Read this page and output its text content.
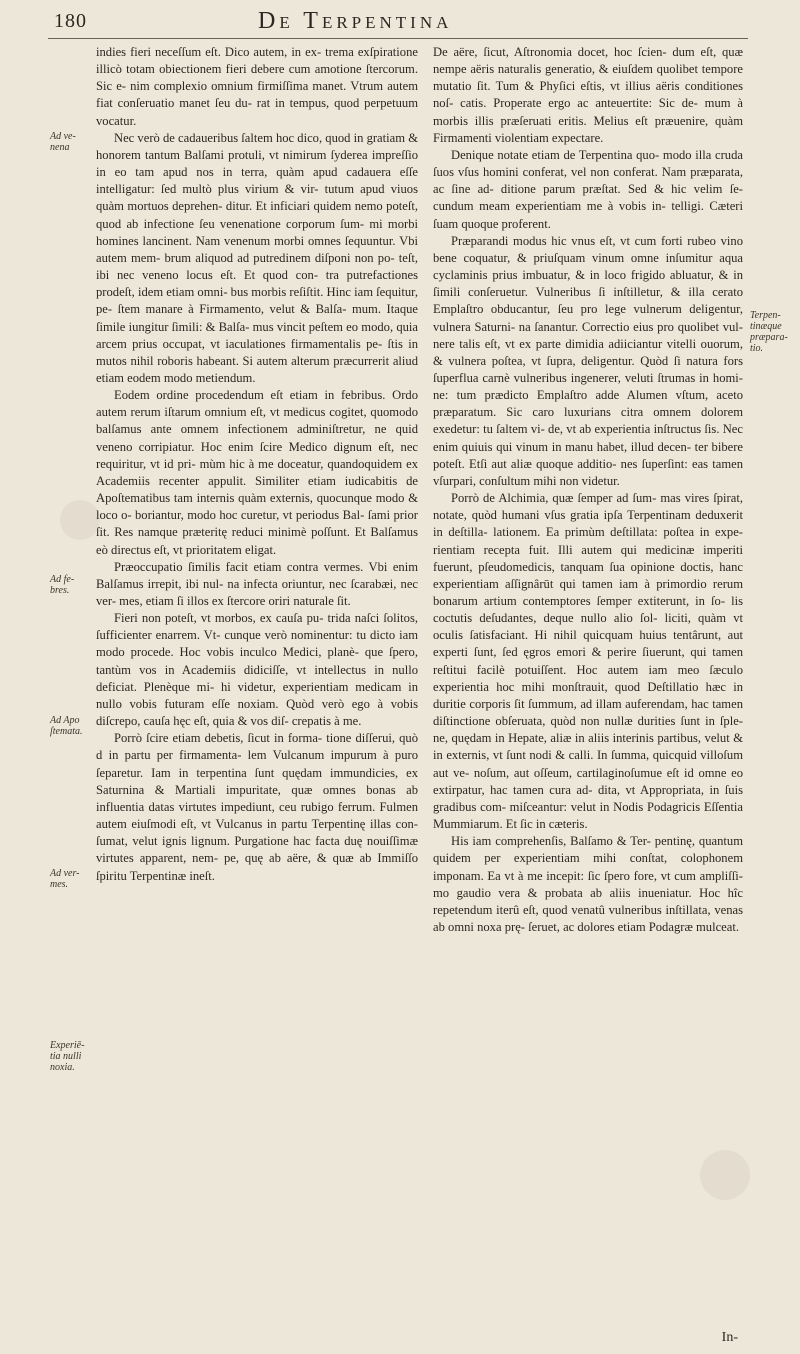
180	De Terpentina

indies fieri neceſſum eſt. Dico autem, in ex- trema exſpiratione illicò totam obiectionem fieri debere cum amotione ſtercorum. Sic e- nim complexio omnium firmiſſima manet. Vtrum autem fiat conſeruatio manet ſeu du- rat in tempus, quod perpetuum vocatur.

Nec verò de cadaueribus ſaltem hoc dico, quod in gratiam & honorem tantum Balſami protuli, vt nimirum ſyderea impreſſio in eo tam apud nos in terra, quàm apud cadauera eſſe intelligatur: ſed multò plus virium & vir- tutum apud viuos quàm mortuos deprehen- ditur. Et inficiari quidem nemo poteſt, quod ab infectione ſeu venenatione corporum ſum- mi morbi homines lancinent. Nam venenum morbi omnes ſequuntur. Vbi autem mem- brum aliquod ad putredinem diſponi non po- teſt, ibi nec veneno locus eſt. Et quod con- tra putrefactiones prodeſt, idem etiam omni- bus morbis reſiſtit. Hinc iam ſequitur, pe- ſtem manare à Firmamento, velut & Balſa- mum. Itaque ſimile iungitur ſimili: & Balſa- mus vincit peſtem eo modo, quia arcem prius occupat, vt iaculationes firmamentalis pe- ſtis in mutos nihil roboris habeant. Si autem alterum præcurrerit aliud etiam eodem modo metiendum.

Eodem ordine procedendum eſt etiam in febribus. Ordo autem rerum iſtarum omnium eſt, vt medicus cogitet, quomodo balſamus ante omnem infectionem adminiſtretur, ne quid veneno corripiatur. Hoc enim ſcire Medico dignum eſt, nec requiritur, vt id pri- mùm hic à me doceatur, quandoquidem ex Academiis recenter appulit. Similiter etiam iudicabitis de Apoſtematibus tam internis quàm externis, quocunque modo & loco o- boriantur, modo hoc curetur, vt periodus Bal- ſami prior ſit. Res namque præteritę reduci minimè poſſunt. Et Balſamus eò directus eſt, vt prioritatem eligat.

Præoccupatio ſimilis facit etiam contra vermes. Vbi enim Balſamus irrepit, ibi nul- na infecta oriuntur, nec ſcarabæi, nec ver- mes, etiam ſi illos ex ſtercore oriri naturale ſit.

Fieri non poteſt, vt morbos, ex cauſa pu- trida naſci ſolitos, ſufficienter enarrem. Vt- cunque verò nominentur: tu dicto iam modo procede. Hoc vobis inculco Medici, planè- que ſpero, tantùm vos in Academiis didiciſſe, vt intellectus in nullo deficiat. Plenèque mi- hi videtur, experientiam medicam in nullo vobis futuram eſſe noxiam. Quòd verò ego à vobis diſcrepo, cauſa hęc eſt, quia & vos diſ- crepatis à me.

Porrò ſcire etiam debetis, ſicut in forma- tione diſſerui, quò d in partu per firmamenta- lem Vulcanum impurum à puro ſeparetur. Iam in terpentina ſunt quędam immundicies, ex Saturnina & Martiali impuritate, quæ omnes bonas ab influentia datas virtutes impediunt, ceu rubigo ferrum. Fulmen autem eiuſmodi eſt, vt Vulcanus in partu Terpentinę illas con- ſumat, velut ignis lignum. Purgatione hac facta duę nouiſſimæ virtutes apparent, nem- pe, quę ab aëre, & quæ ab Immiſſo ſpiritu Terpentinæ ineſt.

De aëre, ſicut, Aſtronomia docet, hoc ſcien- dum eſt, quæ nempe aëris naturalis generatio, & eiuſdem quolibet tempore mutatio ſit. Tum & Phyſici eſtis, vt illius aëris conditiones noſ- catis. Properate ergo ac anteuertite: Sic de- mum à morbis illis præſeruati eritis. Melius eſt præuenire, quàm Firmamenti violentiam expectare.

Denique notate etiam de Terpentina quo- modo illa cruda ſuos vſus homini conferat, vel non conferat. Nam præparata, ac ſine ad- ditione parum præſtat. Sed & hic velim ſe- cundum meam experientiam me à vobis in- telligi. Cæteri ſuam quoque proferent.

Præparandi modus hic vnus eſt, vt cum forti rubeo vino bene coquatur, & priuſquam vinum omne inſumitur aqua cyclaminis prius imbuatur, & in loco frigido abluatur, & in ſimili conſeruetur. Vulneribus ſi inſtilletur, & illa cerato Emplaſtro obducantur, ſeu pro lege vulnerum deligentur, vulnera Saturni- na ſanantur. Correctio eius pro quolibet vul- nere talis eſt, vt ex parte dimidia adiiciantur vitelli ouorum, & vulnera poſtea, vt ſupra, deligentur. Quòd ſi natura fors ſuperflua carnè vulneribus ingenerer, veluti ſtrumas in homi- ne: tum prædicto Emplaſtro adde Alumen vſtum, aceto præparatum. Sic caro luxurians citra omnem dolorem exedetur: tu ſaltem vi- de, vt ab experientia inſtructus ſis. Nec enim quiuis qui vinum in manu habet, illud decen- ter bibere poteſt. Etſi aut aliæ quoque additio- nes ſuperſint: eas tamen vſurpari, conſultum mihi non videtur.

Porrò de Alchimia, quæ ſemper ad ſum- mas vires ſpirat, notate, quòd humani vſus gratia ipſa Terpentinam deduxerit in deſtilla- lationem. Ea primùm deſtillata: poſtea in expe- rientiam recepta fuit. Illi autem qui medicinæ imperiti fuerunt, pſeudomedicis, tanquam ſua opinione doctis, hanc experientiam aſſignârūt qui tamen iam à primordio rerum bonarum artium contemptores ſemper extiterunt, in ſo- lis coctutis deſudantes, deque nullo alio ſol- liciti, quàm vt oculis ſatisfaciant. Hi nihil quicquam huius tentârunt, aut experti ſunt, ſed ęgros emori & perire ſiuerunt, qui tamen reſtitui facilè potuiſſent. Hoc autem iam meo ſæculo experientia hoc mihi monſtrauit, quod Deſtillatio hæc in duritie corporis ſit ſummum, ad illam auferendam, hac tamen diſtinctione obſeruata, quòd non nullæ durities ſunt in ſple- ne, quędam in Hepate, aliæ in aliis interinis partibus, velut & in externis, vt ſunt nodi & calli. In ſumma, quicquid villoſum aut ve- noſum, aut oſſeum, cartilaginoſumue eſt id omne eo extirpatur, hac tamen cura ad- dita, vt Appropriata, in ſuis gradibus com- miſceantur: velut in Nodis Podagricis Eſſentia Mummiarum. Et ſic in cæteris.

His iam comprehenſis, Balſamo & Ter- pentinę, quantum quidem per experientiam mihi conſtat, colophonem imponam. Ea vt à me incepit: ſic ſpero fore, vt cum ampliſſi- mo gaudio vera & probata ab aliis inueniatur. Hoc hîc repetendum iterû eſt, quod venatû vulneribus inſtillata, venas ab omni noxa prę- ſeruet, ac dolores etiam Podagræ mulceat.

Ad ve- nena
Ad fe- bres.
Ad Apo ſtemata.
Ad ver- mes.
Experiē- tia nulli noxia.
Terpen- tinæque præpara- tio.
In-
